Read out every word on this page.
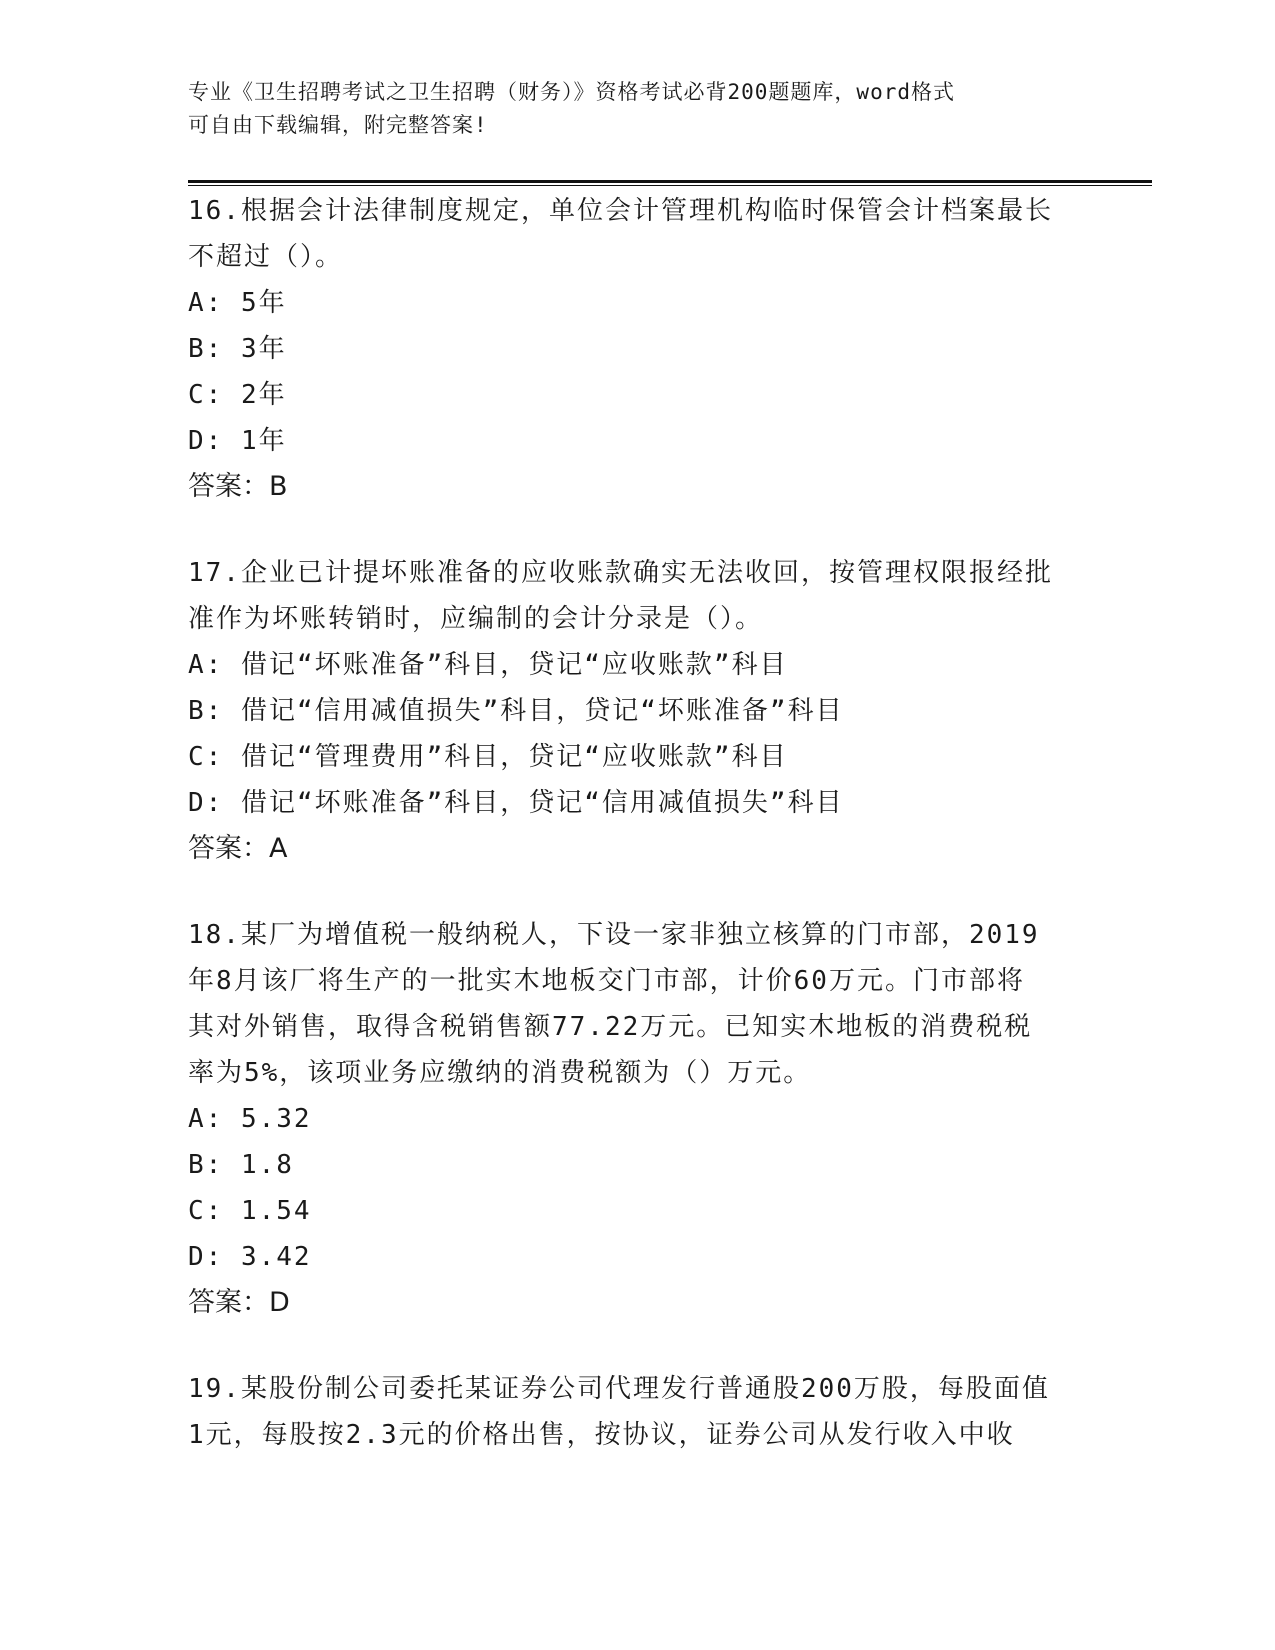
专业《卫生招聘考试之卫生招聘（财务）》资格考试必背200题题库，word格式

可自由下载编辑，附完整答案!

16.根据会计法律制度规定，单位会计管理机构临时保管会计档案最长

不超过（）。

A: 5年

B: 3年

C: 2年

D: 1年

答案：B

17.企业已计提坏账准备的应收账款确实无法收回，按管理权限报经批

准作为坏账转销时，应编制的会计分录是（）。

A: 借记“坏账准备”科目，贷记“应收账款”科目

B: 借记“信用减值损失”科目，贷记“坏账准备”科目

C: 借记“管理费用”科目，贷记“应收账款”科目

D: 借记“坏账准备”科目，贷记“信用减值损失”科目

答案：A

18.某厂为增值税一般纳税人，下设一家非独立核算的门市部，2019

年8月该厂将生产的一批实木地板交门市部，计价60万元。门市部将

其对外销售，取得含税销售额77.22万元。已知实木地板的消费税税

率为5%，该项业务应缴纳的消费税额为（）万元。

A: 5.32

B: 1.8

C: 1.54

D: 3.42

答案：D

19.某股份制公司委托某证券公司代理发行普通股200万股，每股面值

1元，每股按2.3元的价格出售，按协议，证券公司从发行收入中收
